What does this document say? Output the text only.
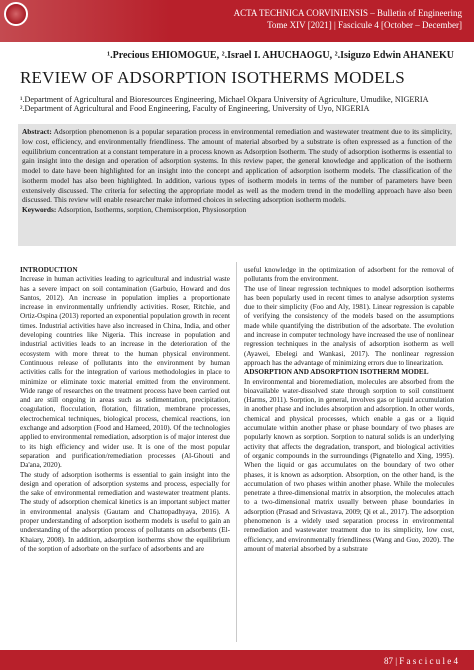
ACTA TECHNICA CORVINIENSIS – Bulletin of Engineering
Tome XIV [2021] | Fascicule 4 [October – December]
¹.Precious EHIOMOGUE, ².Israel I. AHUCHAOGU, ².Isiguzo Edwin AHANEKU
REVIEW OF ADSORPTION ISOTHERMS MODELS
¹.Department of Agricultural and Bioresources Engineering, Michael Okpara University of Agriculture, Umudike, NIGERIA
².Department of Agricultural and Food Engineering, Faculty of Engineering, University of Uyo, NIGERIA
Abstract: Adsorption phenomenon is a popular separation process in environmental remediation and wastewater treatment due to its simplicity, low cost, efficiency, and environmentally friendliness. The amount of material absorbed by a substrate is often expressed as a function of the equilibrium concentration at a constant temperature in a process known as Adsorption Isotherm. The study of adsorption isotherms is essential to gain insight into the design and operation of adsorption systems. In this review paper, the general knowledge and application of the isotherm model to date have been highlighted for an insight into the concept and application of adsorption isotherm models. The classification of the isotherm model has also been highlighted. In addition, various types of isotherm models in terms of the number of parameters have been extensively discussed. The criteria for selecting the appropriate model as well as the modern trend in the modelling approach have also been discussed. This review will enable researcher make informed choices in selecting adsorption isotherm models.
Keywords: Adsorption, Isotherms, sorption, Chemisorption, Physiosorption
INTRODUCTION

Increase in human activities leading to agricultural and industrial waste has a severe impact on soil contamination (Garbuio, Howard and dos Santos, 2012). An increase in population implies a proportionate increase in environmentally unfriendly activities. Roser, Ritchie, and Ortiz-Ospina (2013) reported an exponential population growth in recent times. Industrial activities have also increased in China, India, and other developing countries like Nigeria. This increase in population and industrial activities leads to an increase in the deterioration of the ecosystem with more threat to the human physical environment. Continuous release of pollutants into the environment by human activities calls for the integration of various methodologies in place to minimize or eliminate toxic material emitted from the environment. Wide range of researches on the treatment process have been carried out and are still ongoing in areas such as sedimentation, precipitation, coagulation, flocculation, flotation, filtration, membrane processes, electrochemical techniques, biological process, chemical reactions, ion exchange and adsorption (Food and Hameed, 2010). Of the technologies applied to environmental remediation, adsorption is of major interest due to its high efficiency and wider use. It is one of the most popular separation and purification/remediation processes (Al-Ghouti and Da'ana, 2020).

The study of adsorption isotherms is essential to gain insight into the design and operation of adsorption systems and process, especially for the sake of environmental remediation and wastewater treatment plants. The study of adsorption chemical kinetics is an important subject matter in environmental analysis (Gautam and Chattopadhyaya, 2016). A proper understanding of adsorption isotherm models is useful to gain an understanding of the adsorption process of pollutants on adsorbents (El-Khaiary, 2008). In addition, adsorption isotherms show the equilibrium of the sorption of adsorbate on the surface of adsorbents and are

useful knowledge in the optimization of adsorbent for the removal of pollutants from the environment.

The use of linear regression techniques to model adsorption isotherms has been popularly used in recent times to analyse adsorption systems due to their simplicity (Foo and Aly, 1981). Linear regression is capable of verifying the consistency of the models based on the assumptions made while quantifying the distribution of the adsorbate. The evolution and increase in computer technology have increased the use of nonlinear regression techniques in the analysis of adsorption isotherm as well (Ayawei, Ebelegi and Wankasi, 2017). The nonlinear regression approach has the advantage of minimizing errors due to linearization.

ADSORPTION AND ADSORPTION ISOTHERM MODEL

In environmental and bioremediation, molecules are absorbed from the bioavailable water-dissolved state through sorption to soil constituent (Harms, 2011). Sorption, in general, involves gas or liquid accumulation in another phase and includes absorption and adsorption. In other words, chemical and physical processes, which enable a gas or a liquid accumulate within another phase or phase boundary of two phases are popularly known as sorption. Sorption to natural solids is an underlying activity that affects the degradation, transport, and biological activities of organic compounds in the surroundings (Pignatello and Xing, 1995). When the liquid or gas accumulates on the boundary of two other phases, it is known as adsorption. Absorption, on the other hand, is the accumulation of two phases within another phase. While the molecules penetrate a three-dimensional matrix in absorption, the molecules attach to a two-dimensional matrix usually between phase boundaries in adsorption (Prasad and Srivastava, 2009; Qi et al., 2017). The adsorption phenomenon is a widely used separation process in environmental remediation and wastewater treatment due to its simplicity, low cost, efficiency, and environmentally friendliness (Wang and Guo, 2020). The amount of material absorbed by a substrate

87 | F a s c i c u l e 4
